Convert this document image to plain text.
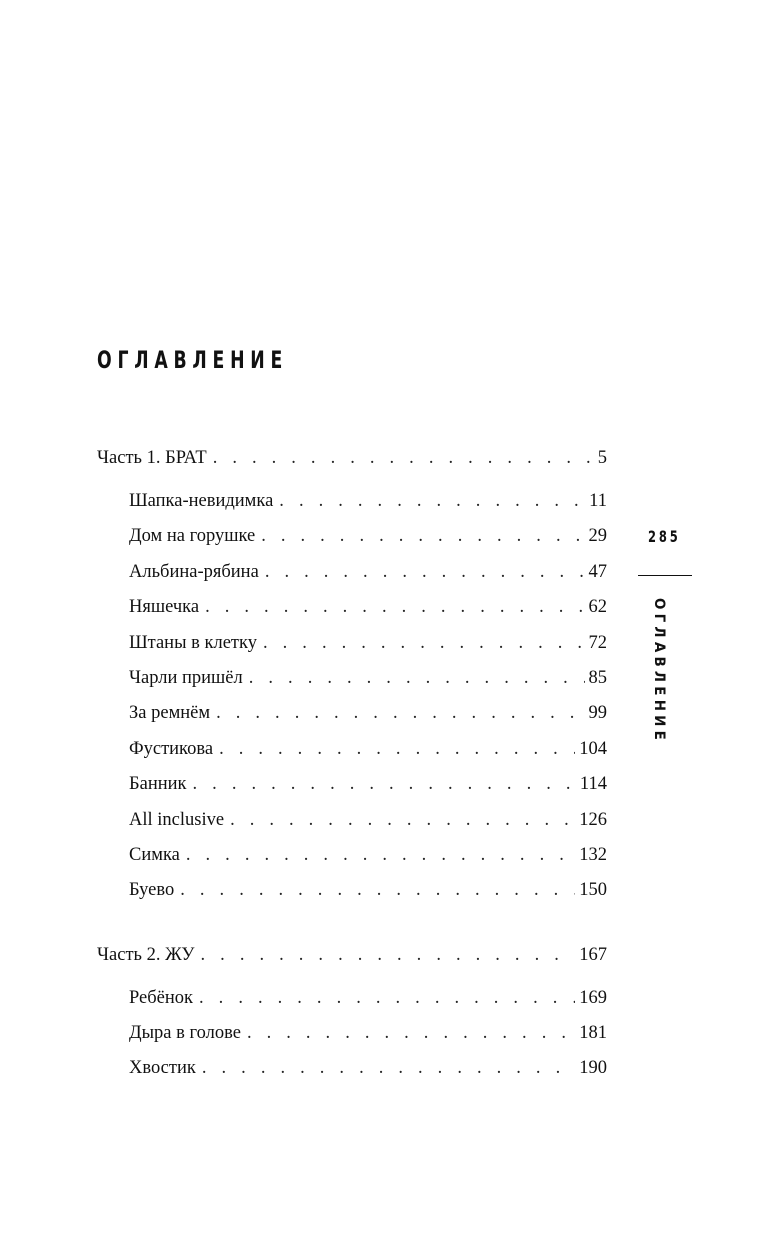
ОГЛАВЛЕНИЕ
Часть 1. БРАТ . . .	5
Шапка-невидимка . . .	11
Дом на горушке . . .	29
Альбина-рябина . . .	47
Няшечка . . .	62
Штаны в клетку . . .	72
Чарли пришёл . . .	85
За ремнём . . .	99
Фустикова . . .	104
Банник . . .	114
All inclusive . . .	126
Симка . . .	132
Буево . . .	150
Часть 2. ЖУ . . .	167
Ребёнок . . .	169
Дыра в голове . . .	181
Хвостик . . .	190
285
ОГЛАВЛЕНИЕ
